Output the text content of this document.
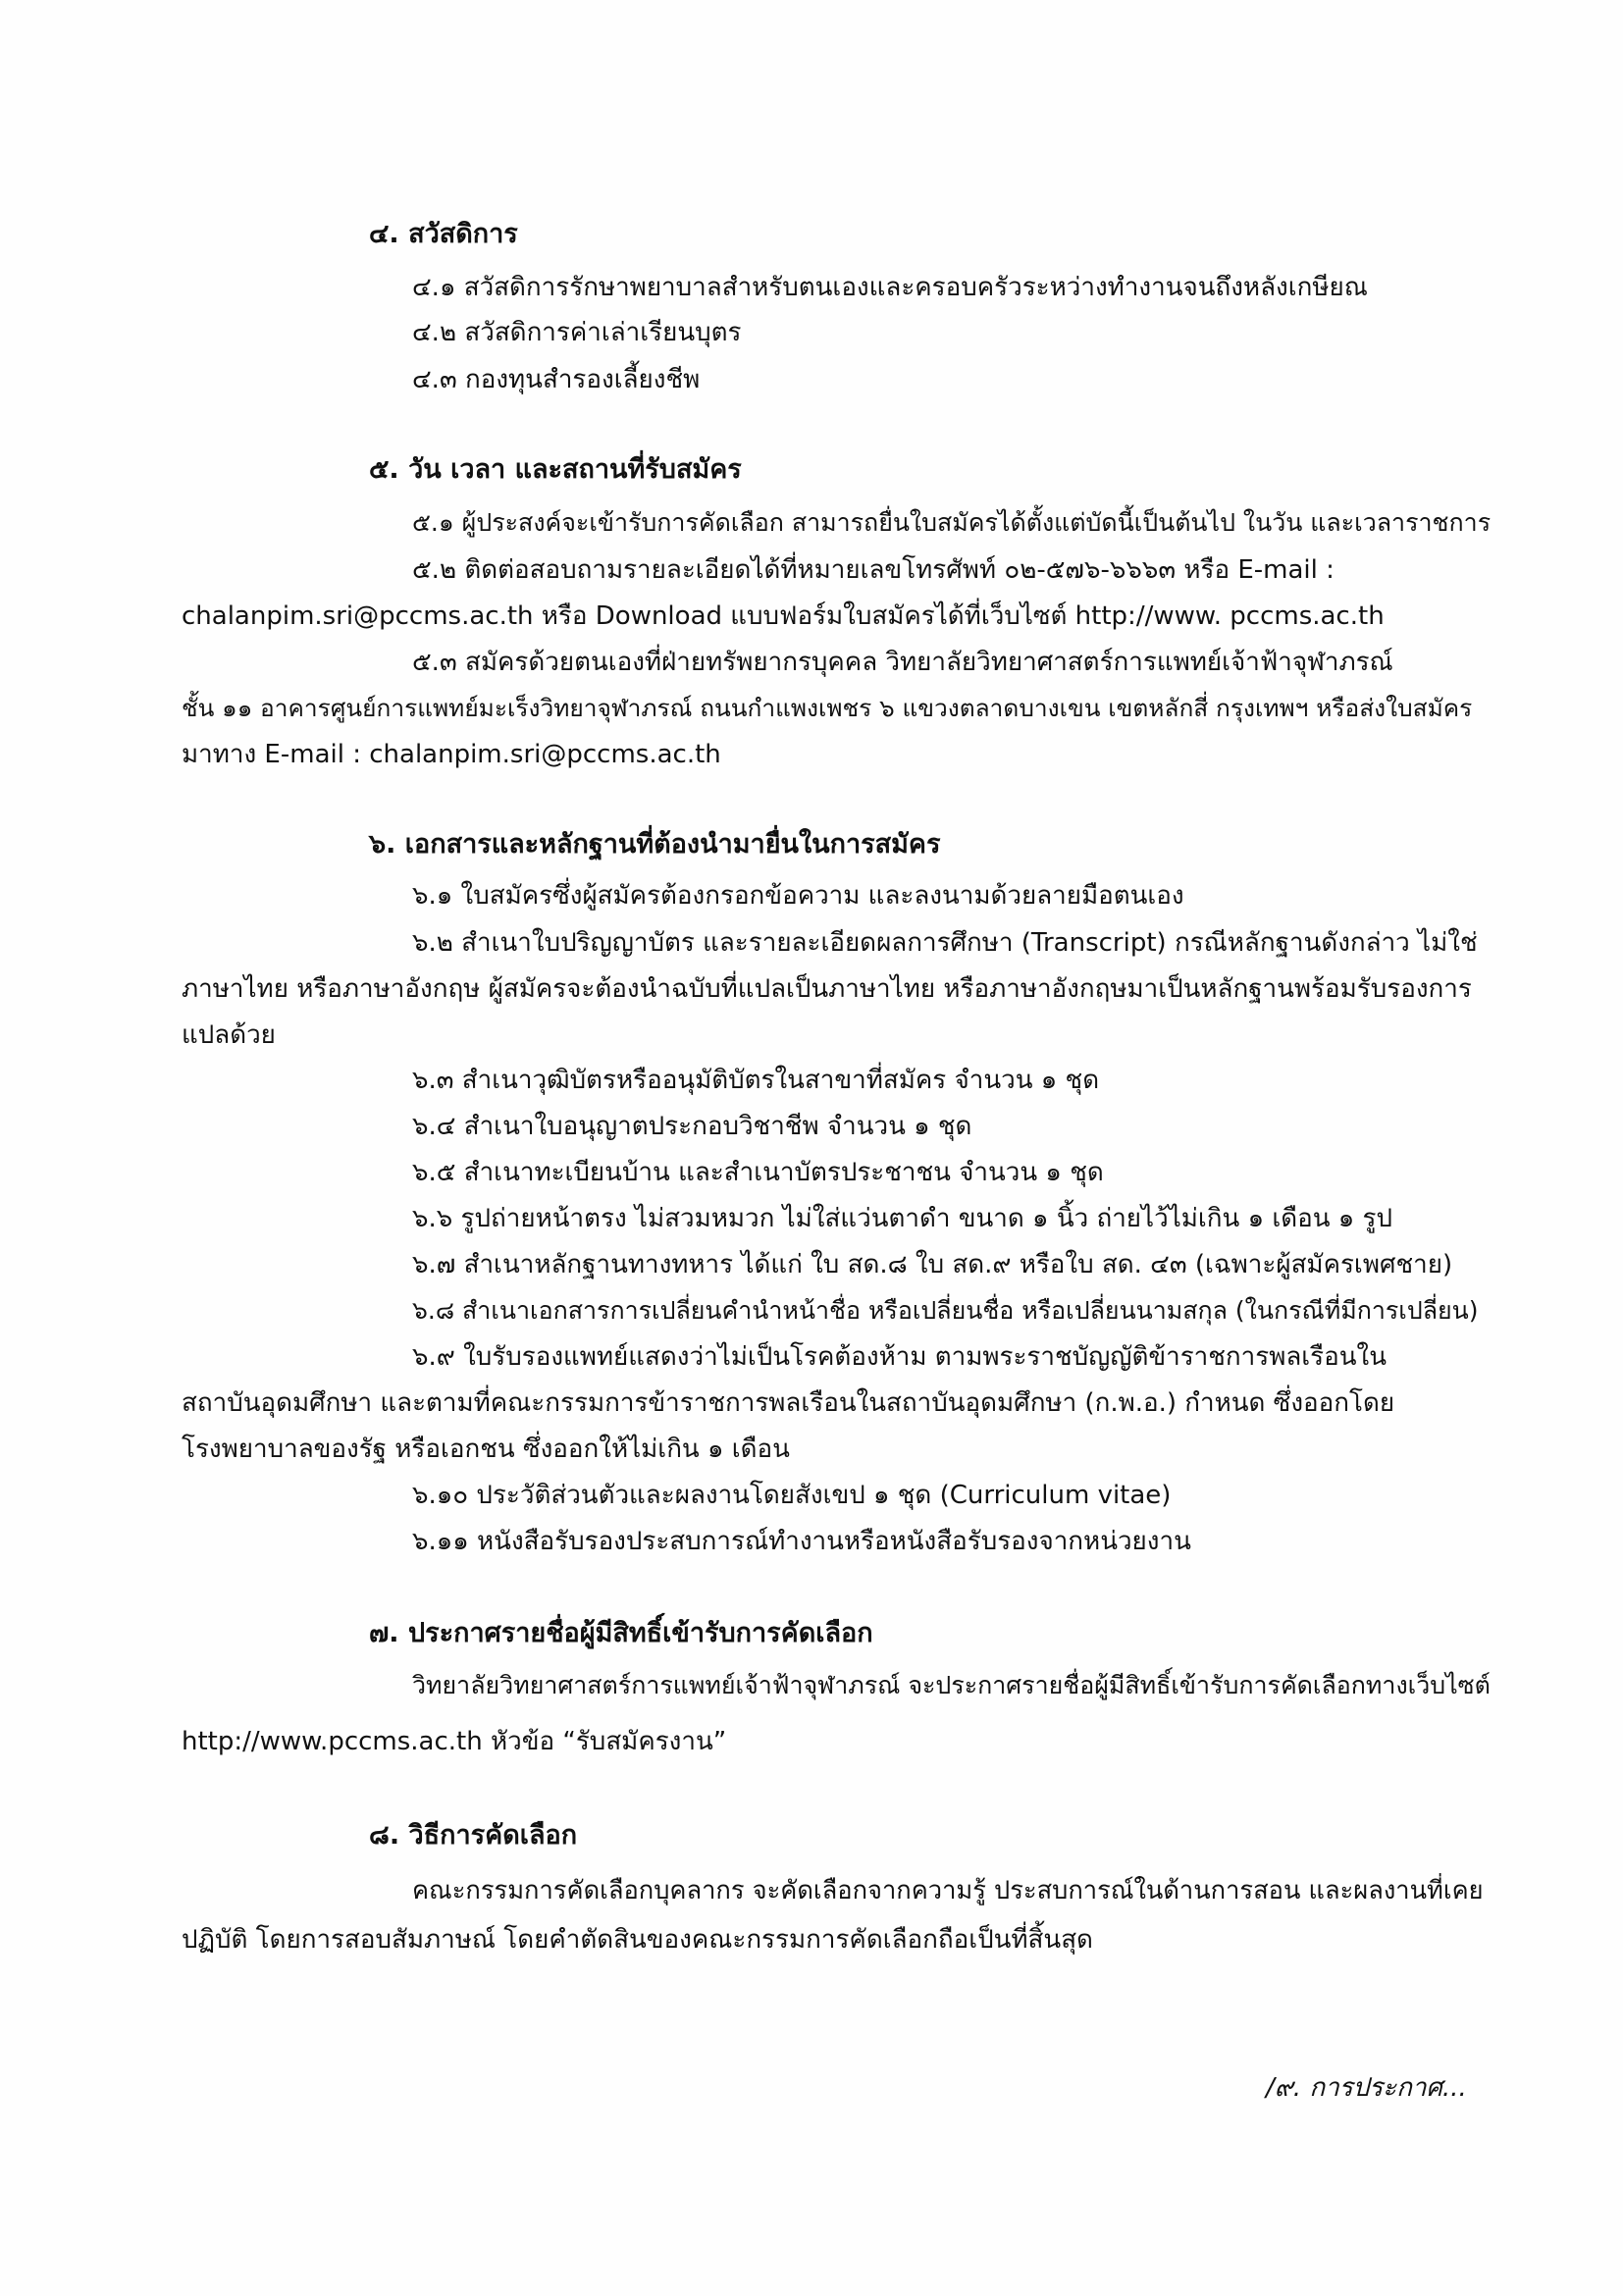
๔. สวัสดิการ
๔.๑ สวัสดิการรักษาพยาบาลสำหรับตนเองและครอบครัวระหว่างทำงานจนถึงหลังเกษียณ
๔.๒ สวัสดิการค่าเล่าเรียนบุตร
๔.๓ กองทุนสำรองเลี้ยงชีพ
๕. วัน เวลา และสถานที่รับสมัคร
๕.๑ ผู้ประสงค์จะเข้ารับการคัดเลือก สามารถยื่นใบสมัครได้ตั้งแต่บัดนี้เป็นต้นไป ในวัน และเวลาราชการ
๕.๒ ติดต่อสอบถามรายละเอียดได้ที่หมายเลขโทรศัพท์ ๐๒-๕๗๖-๖๖๖๓ หรือ E-mail :
chalanpim.sri@pccms.ac.th หรือ Download แบบฟอร์มใบสมัครได้ที่เว็บไซต์ http://www. pccms.ac.th
๕.๓ สมัครด้วยตนเองที่ฝ่ายทรัพยากรบุคคล วิทยาลัยวิทยาศาสตร์การแพทย์เจ้าฟ้าจุฬาภรณ์
ชั้น ๑๑ อาคารศูนย์การแพทย์มะเร็งวิทยาจุฬาภรณ์ ถนนกำแพงเพชร ๖ แขวงตลาดบางเขน เขตหลักสี่ กรุงเทพฯ หรือส่งใบสมัคร
มาทาง E-mail : chalanpim.sri@pccms.ac.th
๖. เอกสารและหลักฐานที่ต้องนำมายื่นในการสมัคร
๖.๑ ใบสมัครซึ่งผู้สมัครต้องกรอกข้อความ และลงนามด้วยลายมือตนเอง
๖.๒ สำเนาใบปริญญาบัตร และรายละเอียดผลการศึกษา (Transcript) กรณีหลักฐานดังกล่าว ไม่ใช่
ภาษาไทย หรือภาษาอังกฤษ ผู้สมัครจะต้องนำฉบับที่แปลเป็นภาษาไทย หรือภาษาอังกฤษมาเป็นหลักฐานพร้อมรับรองการ
แปลด้วย
๖.๓ สำเนาวุฒิบัตรหรืออนุมัติบัตรในสาขาที่สมัคร จำนวน ๑ ชุด
๖.๔ สำเนาใบอนุญาตประกอบวิชาชีพ จำนวน ๑ ชุด
๖.๕ สำเนาทะเบียนบ้าน และสำเนาบัตรประชาชน จำนวน ๑ ชุด
๖.๖ รูปถ่ายหน้าตรง ไม่สวมหมวก ไม่ใส่แว่นตาดำ ขนาด ๑ นิ้ว ถ่ายไว้ไม่เกิน ๑ เดือน ๑ รูป
๖.๗ สำเนาหลักฐานทางทหาร ได้แก่ ใบ สด.๘ ใบ สด.๙ หรือใบ สด. ๔๓ (เฉพาะผู้สมัครเพศชาย)
๖.๘ สำเนาเอกสารการเปลี่ยนคำนำหน้าชื่อ หรือเปลี่ยนชื่อ หรือเปลี่ยนนามสกุล (ในกรณีที่มีการเปลี่ยน)
๖.๙ ใบรับรองแพทย์แสดงว่าไม่เป็นโรคต้องห้าม ตามพระราชบัญญัติข้าราชการพลเรือนใน
สถาบันอุดมศึกษา และตามที่คณะกรรมการข้าราชการพลเรือนในสถาบันอุดมศึกษา (ก.พ.อ.) กำหนด ซึ่งออกโดย
โรงพยาบาลของรัฐ หรือเอกชน ซึ่งออกให้ไม่เกิน ๑ เดือน
๖.๑๐ ประวัติส่วนตัวและผลงานโดยสังเขป ๑ ชุด (Curriculum vitae)
๖.๑๑ หนังสือรับรองประสบการณ์ทำงานหรือหนังสือรับรองจากหน่วยงาน
๗. ประกาศรายชื่อผู้มีสิทธิ์เข้ารับการคัดเลือก
วิทยาลัยวิทยาศาสตร์การแพทย์เจ้าฟ้าจุฬาภรณ์ จะประกาศรายชื่อผู้มีสิทธิ์เข้ารับการคัดเลือกทางเว็บไซต์
http://www.pccms.ac.th หัวข้อ “รับสมัครงาน”
๘. วิธีการคัดเลือก
คณะกรรมการคัดเลือกบุคลากร จะคัดเลือกจากความรู้ ประสบการณ์ในด้านการสอน และผลงานที่เคย
ปฏิบัติ โดยการสอบสัมภาษณ์ โดยคำตัดสินของคณะกรรมการคัดเลือกถือเป็นที่สิ้นสุด
/๙. การประกาศ...
